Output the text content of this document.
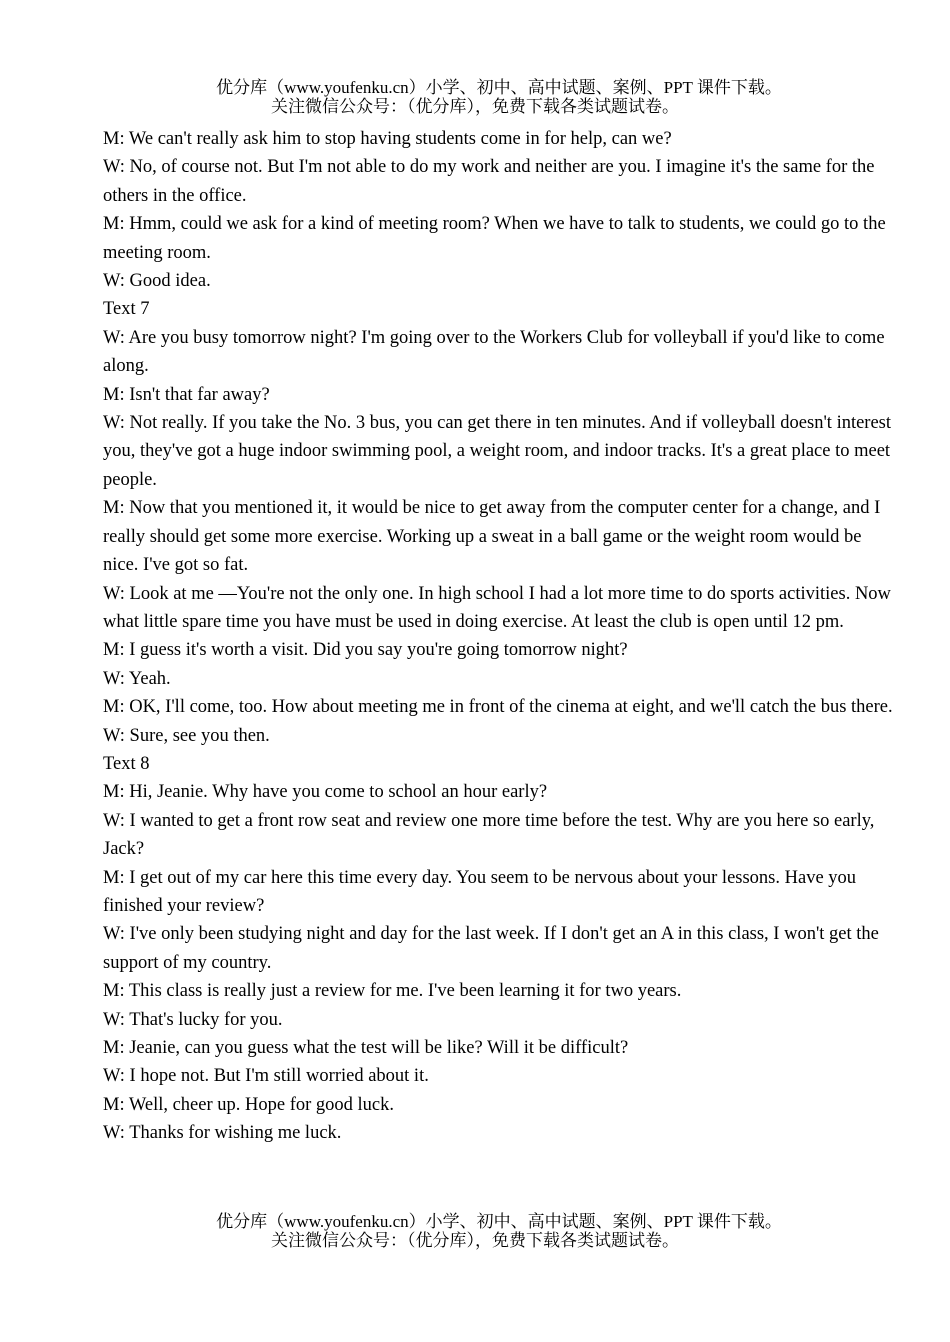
优分库（www.youfenku.cn）小学、初中、高中试题、案例、PPT 课件下载。
关注微信公众号：（优分库），免费下载各类试题试卷。

M: We can't really ask him to stop having students come in for help, can we?

W: No, of course not. But I'm not able to do my work and neither are you. I imagine it's the same for the others in the office.

M: Hmm, could we ask for a kind of meeting room? When we have to talk to students, we could go to the meeting room.

W: Good idea.

Text 7

W: Are you busy tomorrow night? I'm going over to the Workers Club for volleyball if you'd like to come along.

M: Isn't that far away?

W: Not really. If you take the No. 3 bus, you can get there in ten minutes. And if volleyball doesn't interest you, they've got a huge indoor swimming pool, a weight room, and indoor tracks. It's a great place to meet people.

M: Now that you mentioned it, it would be nice to get away from the computer center for a change, and I really should get some more exercise. Working up a sweat in a ball game or the weight room would be nice. I've got so fat.

W: Look at me —You're not the only one. In high school I had a lot more time to do sports activities. Now what little spare time you have must be used in doing exercise. At least the club is open until 12 pm.

M: I guess it's worth a visit. Did you say you're going tomorrow night?

W: Yeah.

M: OK, I'll come, too. How about meeting me in front of the cinema at eight, and we'll catch the bus there.

W: Sure, see you then.

Text 8

M: Hi, Jeanie. Why have you come to school an hour early?

W: I wanted to get a front row seat and review one more time before the test. Why are you here so early, Jack?

M: I get out of my car here this time every day. You seem to be nervous about your lessons. Have you finished your review?

W: I've only been studying night and day for the last week. If I don't get an A in this class, I won't get the support of my country.

M: This class is really just a review for me. I've been learning it for two years.

W: That's lucky for you.

M: Jeanie, can you guess what the test will be like? Will it be difficult?

W: I hope not. But I'm still worried about it.

M: Well, cheer up. Hope for good luck.

W: Thanks for wishing me luck.

优分库（www.youfenku.cn）小学、初中、高中试题、案例、PPT 课件下载。
关注微信公众号：（优分库），免费下载各类试题试卷。
